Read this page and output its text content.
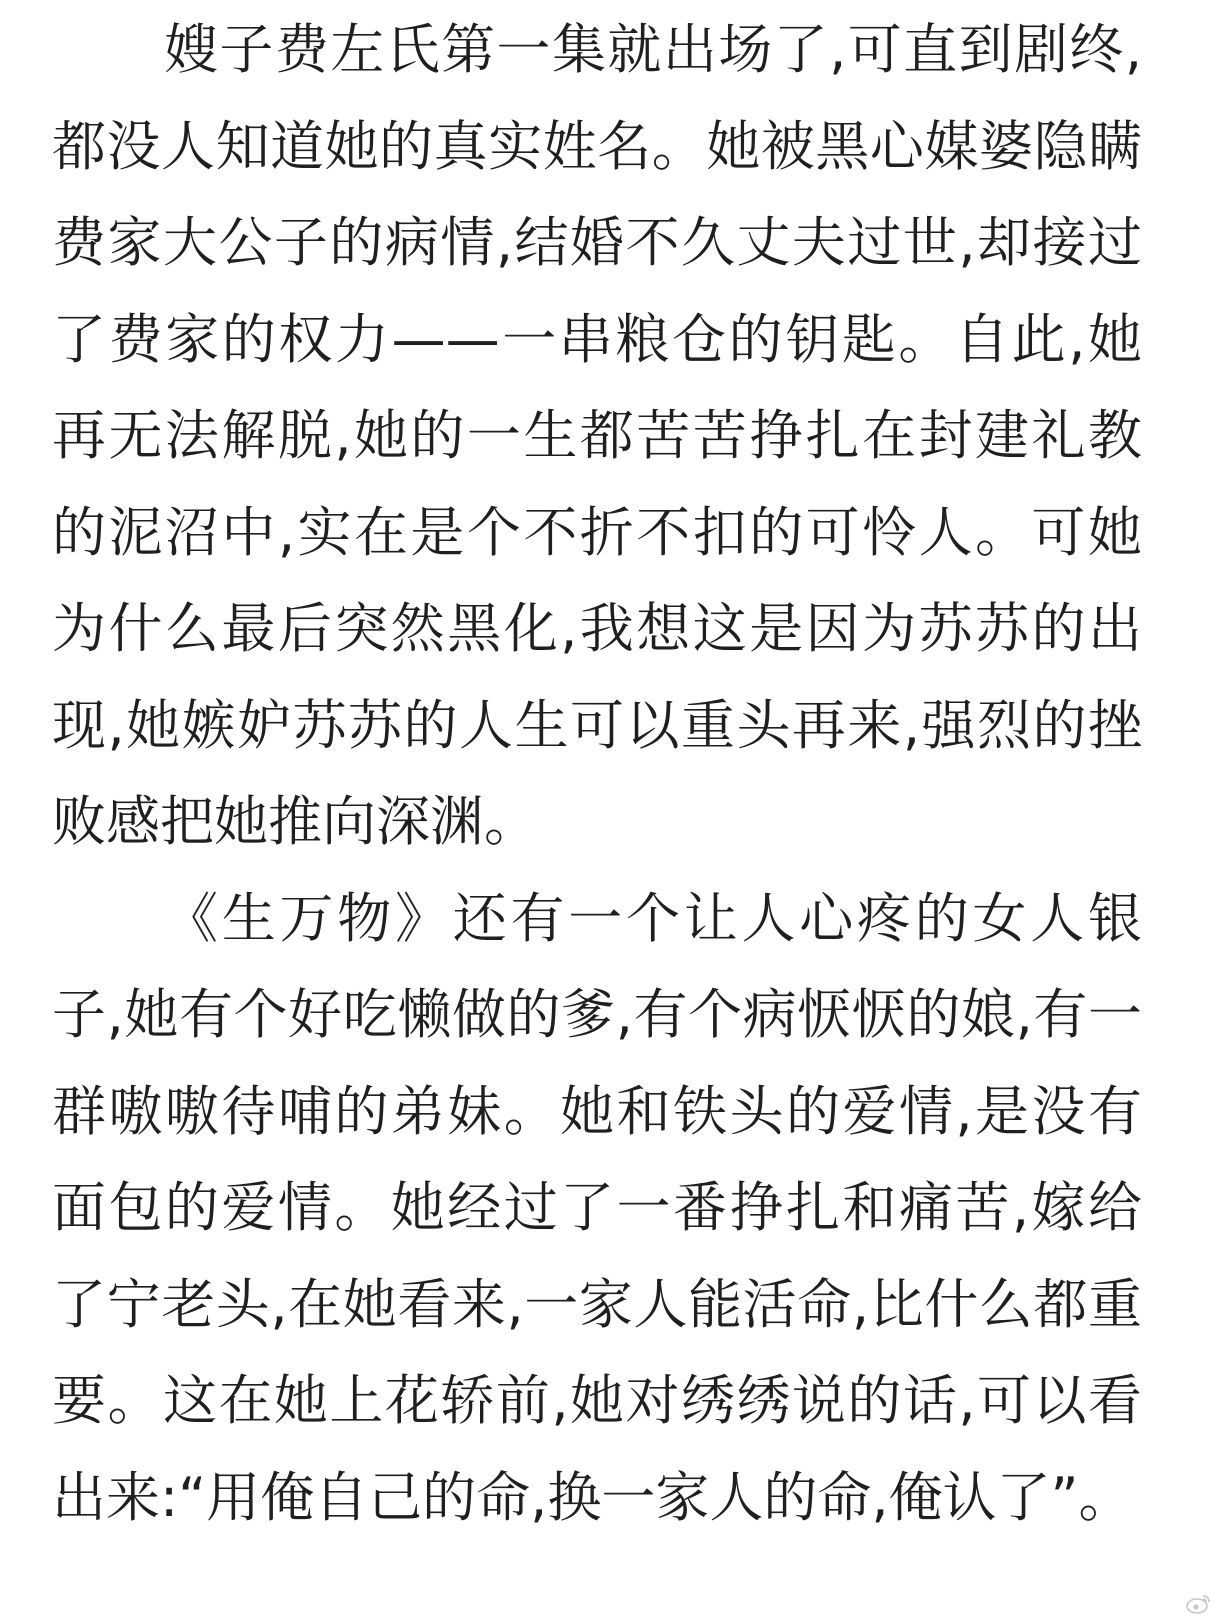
嫂子费左氏第一集就出场了,可直到剧终,
都没人知道她的真实姓名。她被黑心媒婆隐瞒
费家大公子的病情,结婚不久丈夫过世,却接过
了费家的权力——一串粮仓的钥匙。自此,她
再无法解脱,她的一生都苦苦挣扎在封建礼教
的泥沼中,实在是个不折不扣的可怜人。可她
为什么最后突然黑化,我想这是因为苏苏的出
现,她嫉妒苏苏的人生可以重头再来,强烈的挫
败感把她推向深渊。
《生万物》还有一个让人心疼的女人银
子,她有个好吃懒做的爹,有个病恹恹的娘,有一
群嗷嗷待哺的弟妹。她和铁头的爱情,是没有
面包的爱情。她经过了一番挣扎和痛苦,嫁给
了宁老头,在她看来,一家人能活命,比什么都重
要。这在她上花轿前,她对绣绣说的话,可以看
出来:“用俺自己的命,换一家人的命,俺认了”。
